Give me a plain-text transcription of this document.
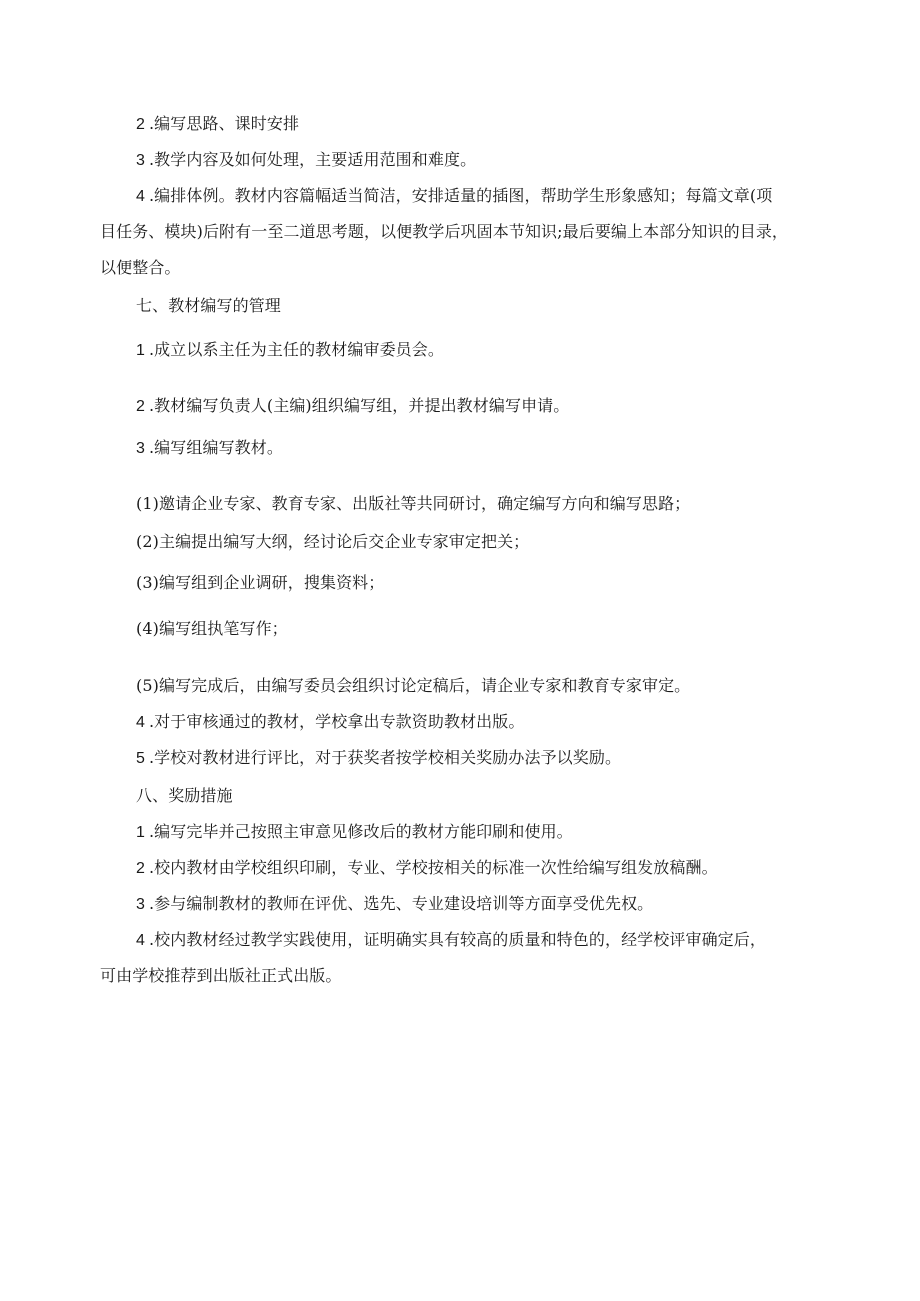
2 .编写思路、课时安排
3 .教学内容及如何处理，主要适用范围和难度。
4 .编排体例。教材内容篇幅适当简洁，安排适量的插图，帮助学生形象感知；每篇文章(项
目任务、模块)后附有一至二道思考题，以便教学后巩固本节知识;最后要编上本部分知识的目录，
以便整合。
七、教材编写的管理
1 .成立以系主任为主任的教材编审委员会。
2 .教材编写负责人(主编)组织编写组，并提出教材编写申请。
3 .编写组编写教材。
(1)邀请企业专家、教育专家、出版社等共同研讨，确定编写方向和编写思路；
(2)主编提出编写大纲，经讨论后交企业专家审定把关；
(3)编写组到企业调研，搜集资料；
(4)编写组执笔写作；
(5)编写完成后，由编写委员会组织讨论定稿后，请企业专家和教育专家审定。
4 .对于审核通过的教材，学校拿出专款资助教材出版。
5 .学校对教材进行评比，对于获奖者按学校相关奖励办法予以奖励。
八、奖励措施
1 .编写完毕并己按照主审意见修改后的教材方能印刷和使用。
2 .校内教材由学校组织印刷，专业、学校按相关的标准一次性给编写组发放稿酬。
3 .参与编制教材的教师在评优、选先、专业建设培训等方面享受优先权。
4 .校内教材经过教学实践使用，证明确实具有较高的质量和特色的，经学校评审确定后，
可由学校推荐到出版社正式出版。
